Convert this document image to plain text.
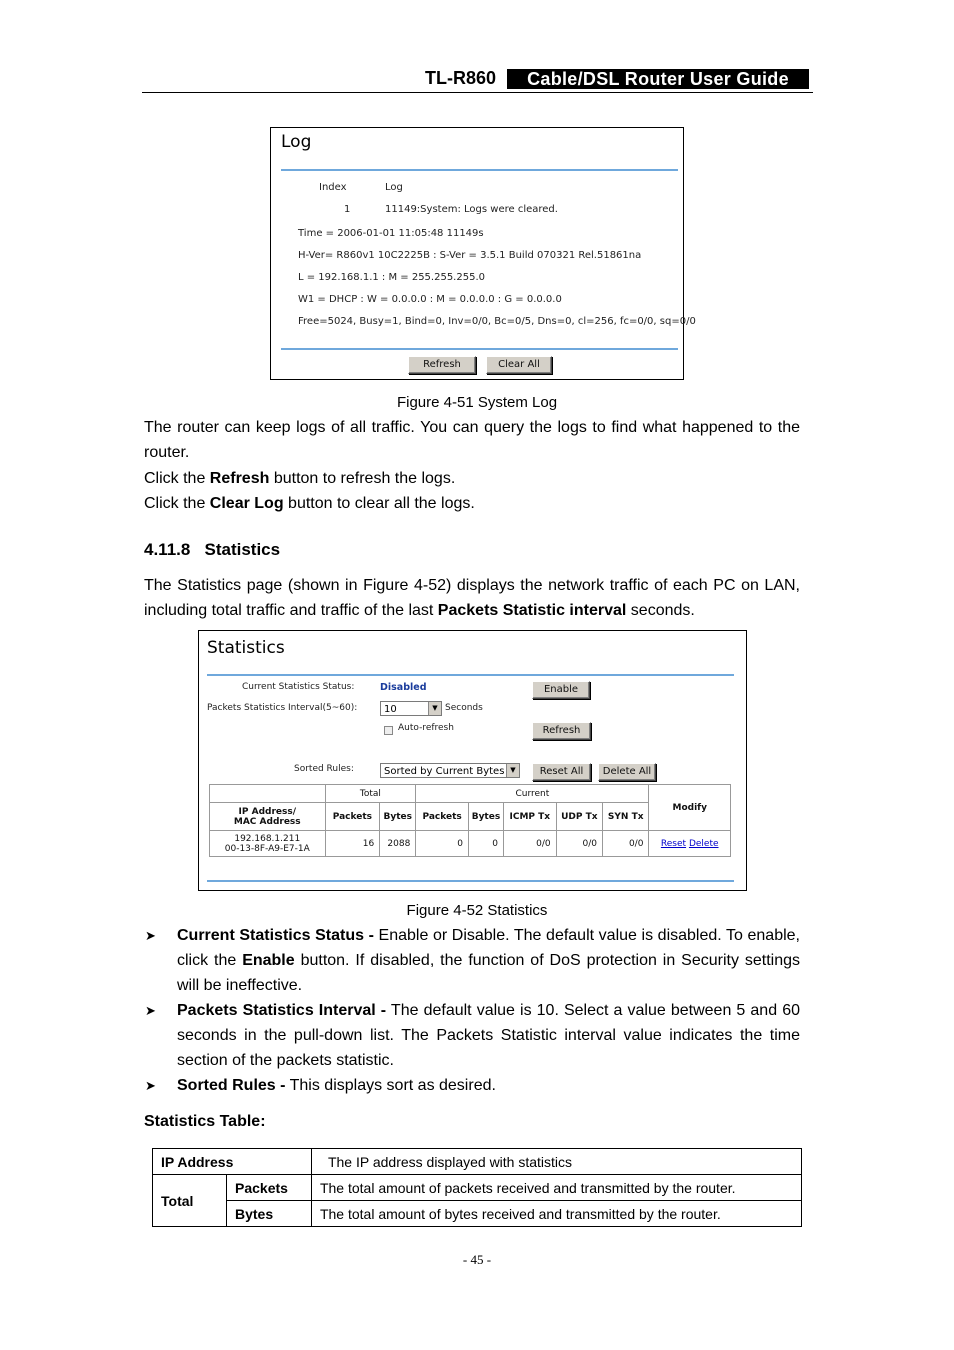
TL-R860	Cable/DSL Router User Guide
Log
Index	Log
1	11149:System: Logs were cleared.
Time = 2006-01-01 11:05:48 11149s
H-Ver= R860v1 10C2225B : S-Ver = 3.5.1 Build 070321 Rel.51861na
L = 192.168.1.1 : M = 255.255.255.0
W1 = DHCP : W = 0.0.0.0 : M = 0.0.0.0 : G = 0.0.0.0
Free=5024, Busy=1, Bind=0, Inv=0/0, Bc=0/5, Dns=0, cl=256, fc=0/0, sq=0/0
Refresh	Clear All
Figure 4-51 System Log
The router can keep logs of all traffic. You can query the logs to find what happened to the router.
Click the Refresh button to refresh the logs.
Click the Clear Log button to clear all the logs.
4.11.8 Statistics
The Statistics page (shown in Figure 4-52) displays the network traffic of each PC on LAN, including total traffic and traffic of the last Packets Statistic interval seconds.
Statistics
Current Statistics Status:	Disabled	Enable
Packets Statistics Interval(5~60):	10	▼ Seconds
Auto-refresh	Refresh
Sorted Rules:	Sorted by Current Bytes ▼	Reset All	Delete All
	Total		Current					Modify
IP Address/
MAC Address	Packets	Bytes	Packets	Bytes	ICMP Tx	UDP Tx	SYN Tx	
192.168.1.211
00-13-8F-A9-E7-1A	16	2088	0	0	0/0	0/0	0/0	Reset Delete
Figure 4-52 Statistics
➤ Current Statistics Status - Enable or Disable. The default value is disabled. To enable, click the Enable button. If disabled, the function of DoS protection in Security settings will be ineffective.
➤ Packets Statistics Interval - The default value is 10. Select a value between 5 and 60 seconds in the pull-down list. The Packets Statistic interval value indicates the time section of the packets statistic.
➤ Sorted Rules - This displays sort as desired.
Statistics Table:
IP Address		The IP address displayed with statistics
Total	Packets	The total amount of packets received and transmitted by the router.
	Bytes	The total amount of bytes received and transmitted by the router.
- 45 -
